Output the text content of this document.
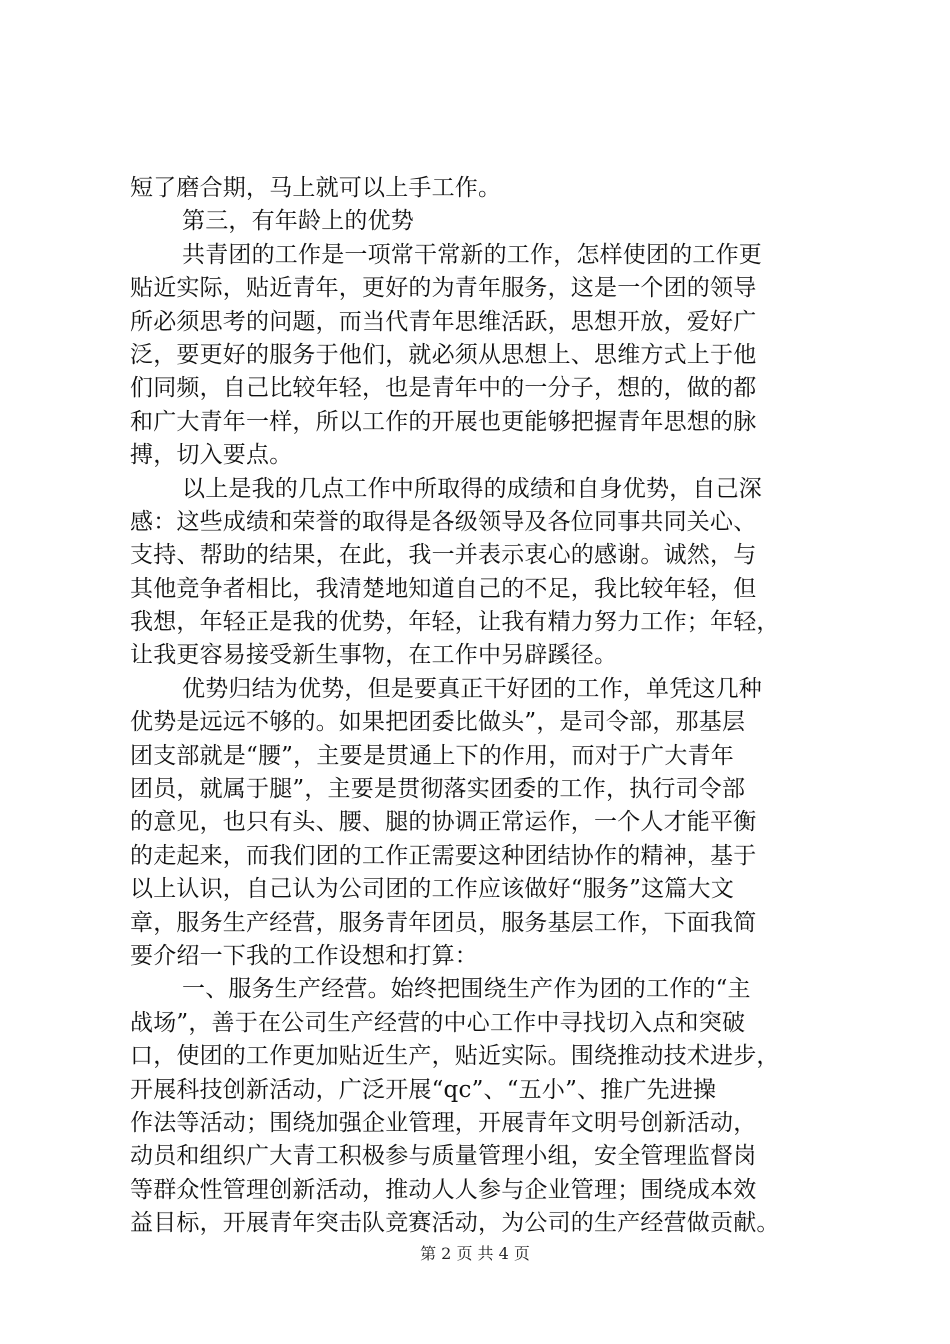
短了磨合期，马上就可以上手工作。
第三，有年龄上的优势
共青团的工作是一项常干常新的工作，怎样使团的工作更
贴近实际，贴近青年，更好的为青年服务，这是一个团的领导
所必须思考的问题，而当代青年思维活跃，思想开放，爱好广
泛，要更好的服务于他们，就必须从思想上、思维方式上于他
们同频，自己比较年轻，也是青年中的一分子，想的，做的都
和广大青年一样，所以工作的开展也更能够把握青年思想的脉
搏，切入要点。
以上是我的几点工作中所取得的成绩和自身优势，自己深
感：这些成绩和荣誉的取得是各级领导及各位同事共同关心、
支持、帮助的结果，在此，我一并表示衷心的感谢。诚然，与
其他竞争者相比，我清楚地知道自己的不足，我比较年轻，但
我想，年轻正是我的优势，年轻，让我有精力努力工作；年轻，
让我更容易接受新生事物，在工作中另辟蹊径。
优势归结为优势，但是要真正干好团的工作，单凭这几种
优势是远远不够的。如果把团委比做头”，是司令部，那基层
团支部就是“腰”，主要是贯通上下的作用，而对于广大青年
团员，就属于腿”，主要是贯彻落实团委的工作，执行司令部
的意见，也只有头、腰、腿的协调正常运作，一个人才能平衡
的走起来，而我们团的工作正需要这种团结协作的精神，基于
以上认识，自己认为公司团的工作应该做好“服务”这篇大文
章，服务生产经营，服务青年团员，服务基层工作，下面我简
要介绍一下我的工作设想和打算：
一、服务生产经营。始终把围绕生产作为团的工作的“主
战场”，善于在公司生产经营的中心工作中寻找切入点和突破
口，使团的工作更加贴近生产，贴近实际。围绕推动技术进步，
开展科技创新活动，广泛开展“qc”、“五小”、推广先进操
作法等活动；围绕加强企业管理，开展青年文明号创新活动，
动员和组织广大青工积极参与质量管理小组，安全管理监督岗
等群众性管理创新活动，推动人人参与企业管理；围绕成本效
益目标，开展青年突击队竞赛活动，为公司的生产经营做贡献。
第 2 页 共 4 页
